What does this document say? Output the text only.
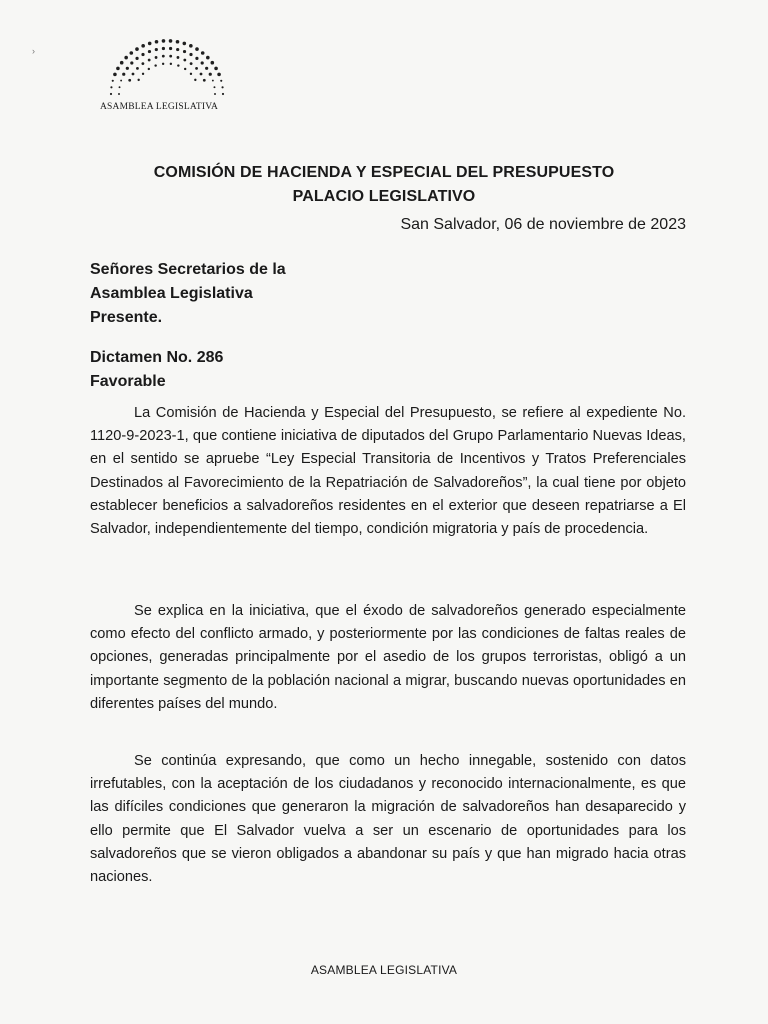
›
ASAMBLEA LEGISLATIVA
COMISIÓN DE HACIENDA Y ESPECIAL DEL PRESUPUESTO
PALACIO LEGISLATIVO
San Salvador, 06 de noviembre de 2023
Señores Secretarios de la
Asamblea Legislativa
Presente.
Dictamen No. 286
Favorable

La Comisión de Hacienda y Especial del Presupuesto, se refiere al expediente No. 1120-9-2023-1, que contiene iniciativa de diputados del Grupo Parlamentario Nuevas Ideas, en el sentido se apruebe “Ley Especial Transitoria de Incentivos y Tratos Preferenciales Destinados al Favorecimiento de la Repatriación de Salvadoreños”, la cual tiene por objeto establecer beneficios a salvadoreños residentes en el exterior que deseen repatriarse a El Salvador, independientemente del tiempo, condición migratoria y país de procedencia.

Se explica en la iniciativa, que el éxodo de salvadoreños generado especialmente como efecto del conflicto armado, y posteriormente por las condiciones de faltas reales de opciones, generadas principalmente por el asedio de los grupos terroristas, obligó a un importante segmento de la población nacional a migrar, buscando nuevas oportunidades en diferentes países del mundo.

Se continúa expresando, que como un hecho innegable, sostenido con datos irrefutables, con la aceptación de los ciudadanos y reconocido internacionalmente, es que las difíciles condiciones que generaron la migración de salvadoreños han desaparecido y ello permite que El Salvador vuelva a ser un escenario de oportunidades para los salvadoreños que se vieron obligados a abandonar su país y que han migrado hacia otras naciones.

ASAMBLEA LEGISLATIVA
